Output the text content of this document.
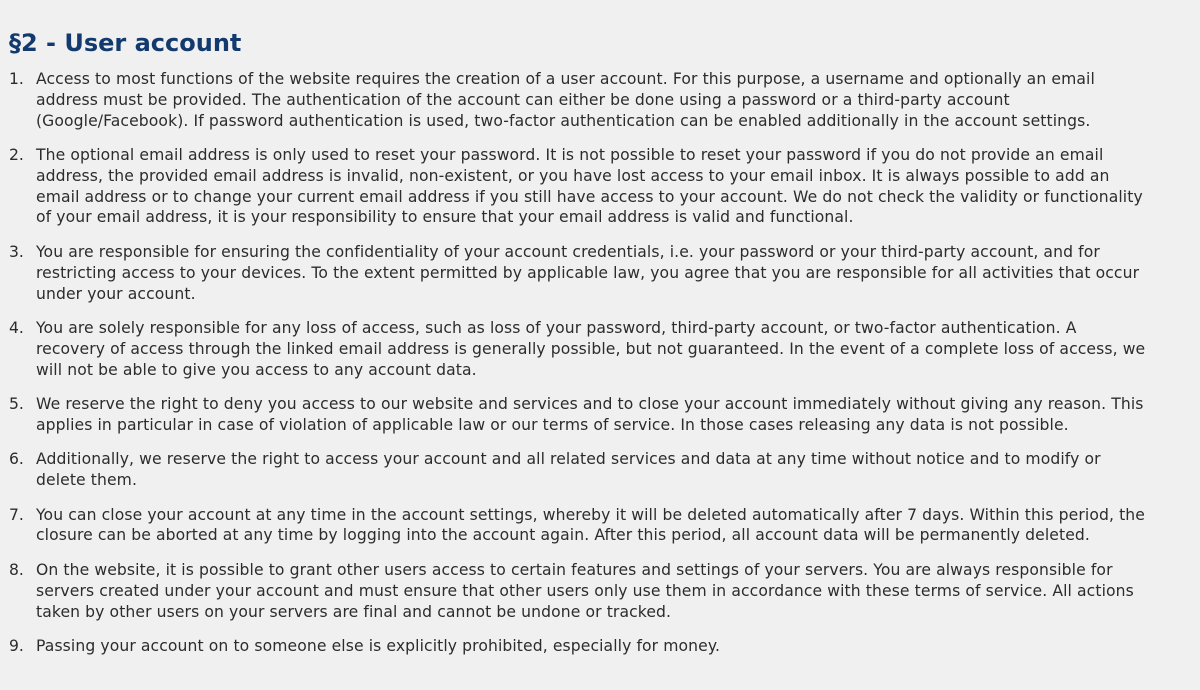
§2 - User account
1. Access to most functions of the website requires the creation of a user account. For this purpose, a username and optionally an email address must be provided. The authentication of the account can either be done using a password or a third-party account (Google/Facebook). If password authentication is used, two-factor authentication can be enabled additionally in the account settings.
2. The optional email address is only used to reset your password. It is not possible to reset your password if you do not provide an email address, the provided email address is invalid, non-existent, or you have lost access to your email inbox. It is always possible to add an email address or to change your current email address if you still have access to your account. We do not check the validity or functionality of your email address, it is your responsibility to ensure that your email address is valid and functional.
3. You are responsible for ensuring the confidentiality of your account credentials, i.e. your password or your third-party account, and for restricting access to your devices. To the extent permitted by applicable law, you agree that you are responsible for all activities that occur under your account.
4. You are solely responsible for any loss of access, such as loss of your password, third-party account, or two-factor authentication. A recovery of access through the linked email address is generally possible, but not guaranteed. In the event of a complete loss of access, we will not be able to give you access to any account data.
5. We reserve the right to deny you access to our website and services and to close your account immediately without giving any reason. This applies in particular in case of violation of applicable law or our terms of service. In those cases releasing any data is not possible.
6. Additionally, we reserve the right to access your account and all related services and data at any time without notice and to modify or delete them.
7. You can close your account at any time in the account settings, whereby it will be deleted automatically after 7 days. Within this period, the closure can be aborted at any time by logging into the account again. After this period, all account data will be permanently deleted.
8. On the website, it is possible to grant other users access to certain features and settings of your servers. You are always responsible for servers created under your account and must ensure that other users only use them in accordance with these terms of service. All actions taken by other users on your servers are final and cannot be undone or tracked.
9. Passing your account on to someone else is explicitly prohibited, especially for money.
